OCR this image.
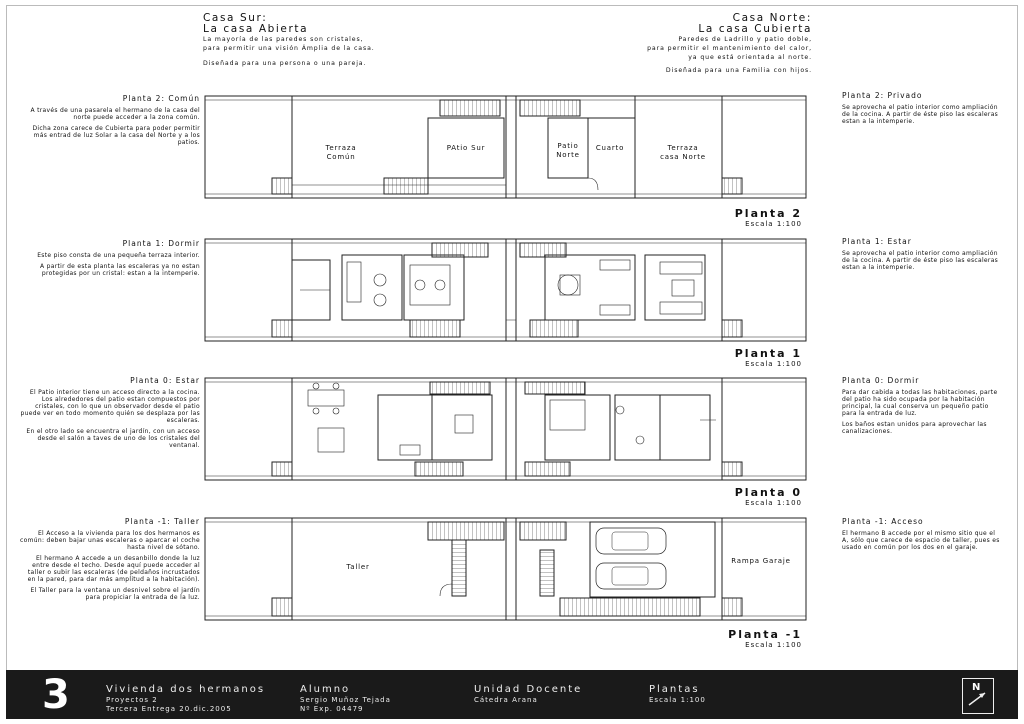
Casa Sur:
La casa Abierta
La mayoría de las paredes son cristales,
para permitir una visión Ámplia de la casa.
Diseñada para una persona o una pareja.
Casa Norte:
La casa Cubierta
Paredes de Ladrillo y patio doble,
para permitir el mantenimiento del calor,
ya que está orientada al norte.
Diseñada para una Familia con hijos.
Planta 2: Común

A través de una pasarela el hermano de la casa del norte puede acceder a la zona común.

Dicha zona carece de Cubierta para poder permitir más entrad de luz Solar a la casa del Norte y a los patios.

Planta 1: Dormir

Este piso consta de una pequeña terraza interior.

A partir de esta planta las escaleras ya no estan protegidas por un cristal: estan a la intemperie.

Planta 0: Estar

El Patio interior tiene un acceso directo a la cocina. Los alrededores del patio estan compuestos por cristales, con lo que un observador desde el patio puede ver en todo momento quién se desplaza por las escaleras.

En el otro lado se encuentra el jardín, con un acceso desde el salón a taves de uno de los cristales del ventanal.

Planta -1: Taller

El Acceso a la vivienda para los dos hermanos es común: deben bajar unas escaleras o aparcar el coche hasta nivel de sótano.

El hermano A accede a un desanbillo donde la luz entre desde el techo. Desde aquí puede acceder al taller o subir las escaleras (de peldaños incrustados en la pared, para dar más amplitud a la habitación).

El Taller para la ventana un desnivel sobre el jardín para propiciar la entrada de la luz.

Planta 2: Privado

Se aprovecha el patio interior como ampliación de la cocina. A partir de éste piso las escaleras estan a la intemperie.

Planta 1: Estar

Se aprovecha el patio interior como ampliación de la cocina. A partir de éste piso las escaleras estan a la intemperie.

Planta 0: Dormir

Para dar cabida a todas las habitaciones, parte del patio ha sido ocupada por la habitación principal, la cual conserva un pequeño patio para la entrada de luz.

Los baños estan unidos para aprovechar las canalizaciones.

Planta -1: Acceso

El hermano B accede por el mismo sitio que el A, sólo que carece de espacio de taller, pues es usado en común por los dos en el garaje.

Terraza
Común
PAtio Sur	Patio
Norte
Cuarto	Terraza
casa Norte
Taller
Rampa Garaje
Planta 2
Escala 1:100
Planta 1
Escala 1:100
Planta 0
Escala 1:100
Planta -1
Escala 1:100
3	Vivienda dos hermanos
Proyectos 2
Tercera Entrega 20.dic.2005
Alumno
Sergio Muñoz Tejada
Nº Exp. 04479
Unidad Docente
Cátedra Arana
Plantas
Escala 1:100
N
